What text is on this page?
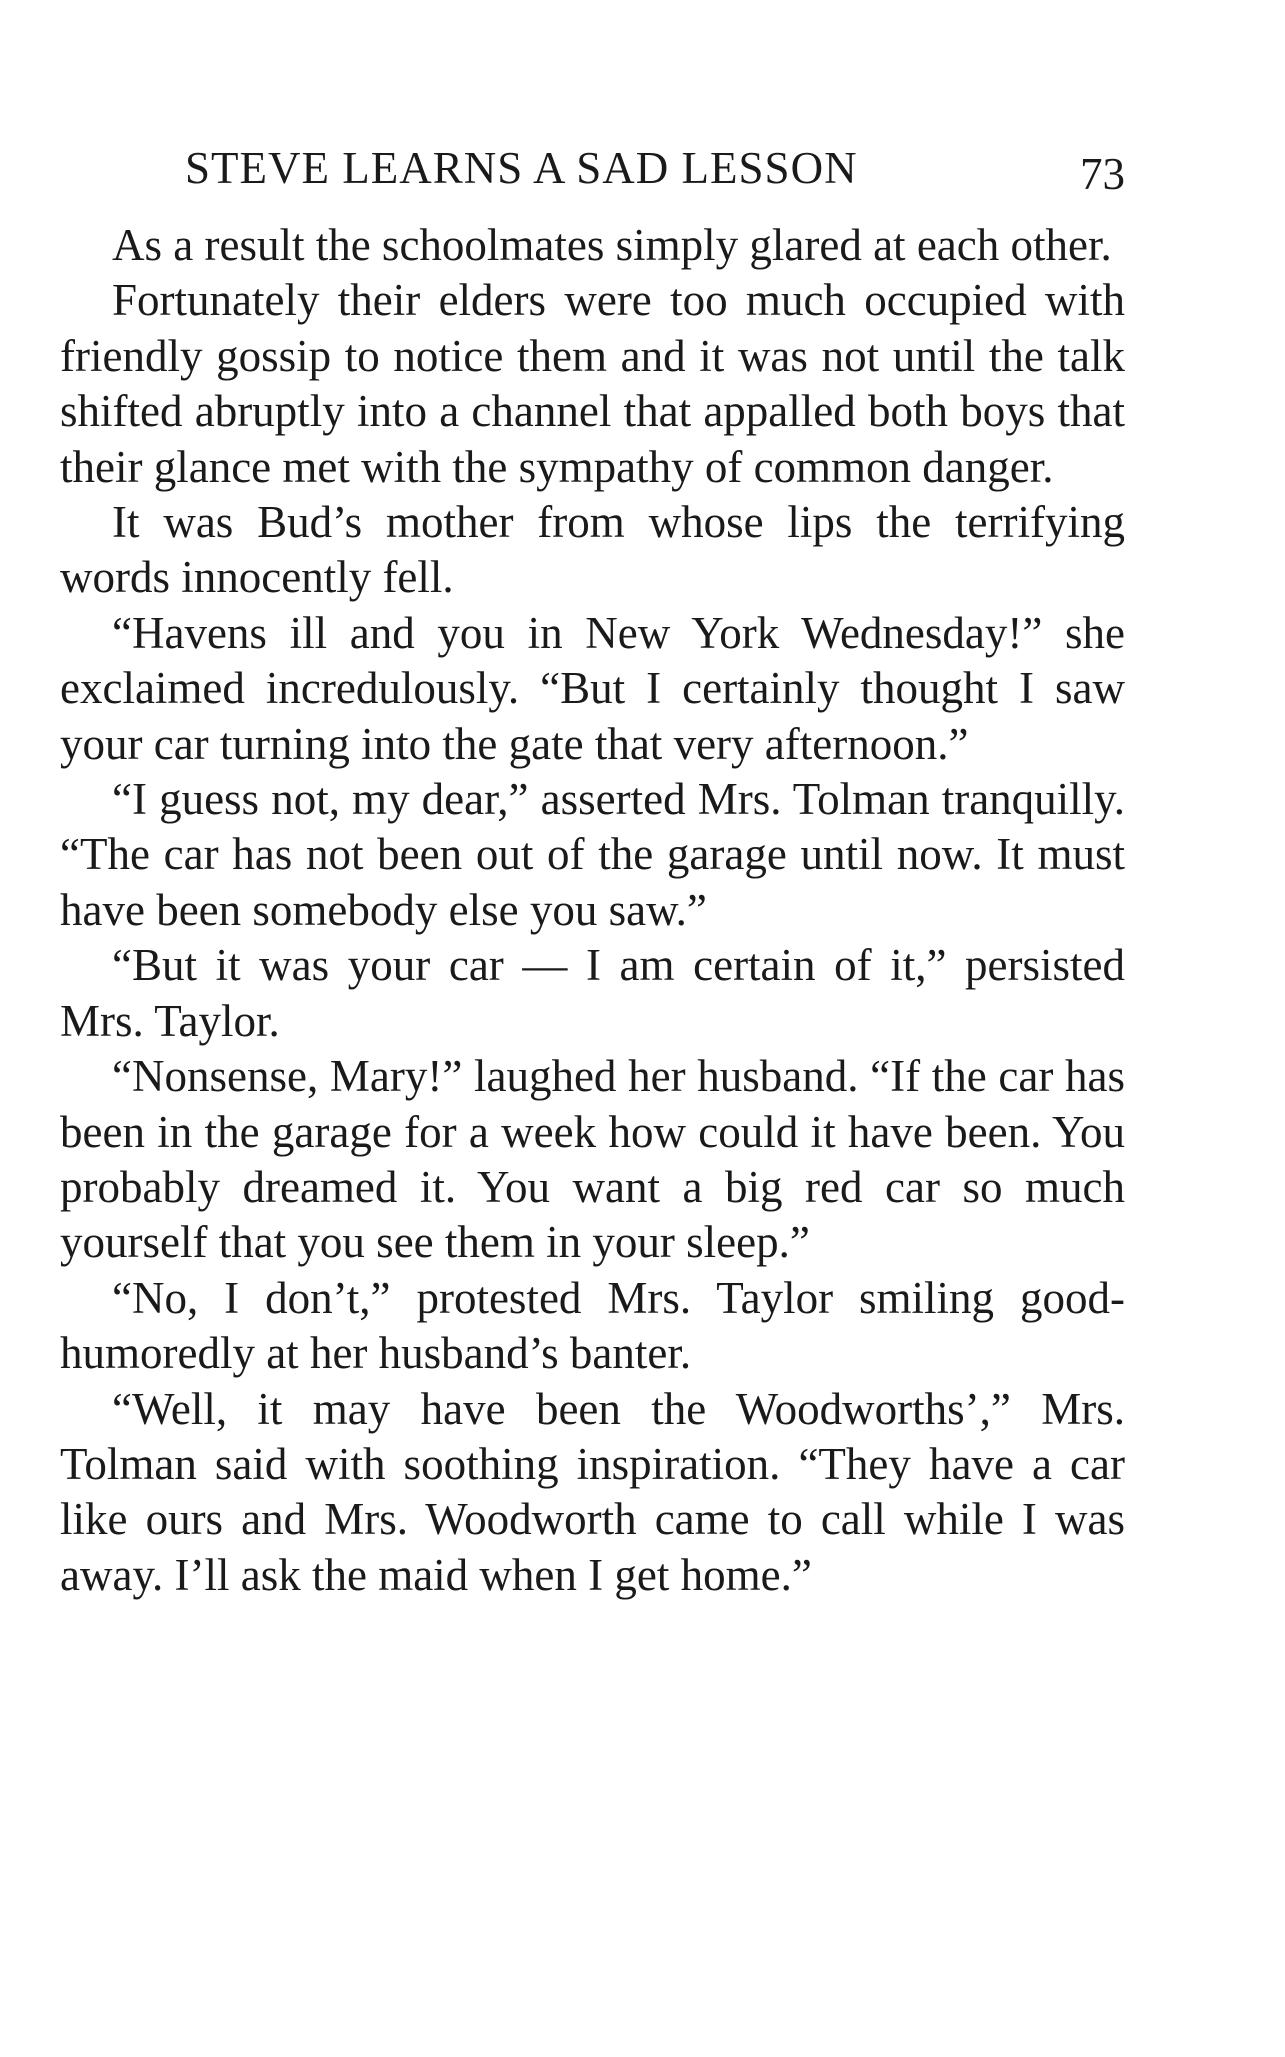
STEVE LEARNS A SAD LESSON	73

As a result the schoolmates simply glared at each other.

Fortunately their elders were too much occupied with friendly gossip to notice them and it was not until the talk shifted abruptly into a channel that appalled both boys that their glance met with the sympathy of common danger.

It was Bud’s mother from whose lips the terrifying words innocently fell.

“Havens ill and you in New York Wednesday!” she exclaimed incredulously. “But I certainly thought I saw your car turning into the gate that very afternoon.”

“I guess not, my dear,” asserted Mrs. Tolman tranquilly. “The car has not been out of the garage until now. It must have been somebody else you saw.”

“But it was your car — I am certain of it,” persisted Mrs. Taylor.

“Nonsense, Mary!” laughed her husband. “If the car has been in the garage for a week how could it have been. You probably dreamed it. You want a big red car so much yourself that you see them in your sleep.”

“No, I don’t,” protested Mrs. Taylor smiling good-humoredly at her husband’s banter.

“Well, it may have been the Woodworths’,” Mrs. Tolman said with soothing inspiration. “They have a car like ours and Mrs. Woodworth came to call while I was away. I’ll ask the maid when I get home.”
